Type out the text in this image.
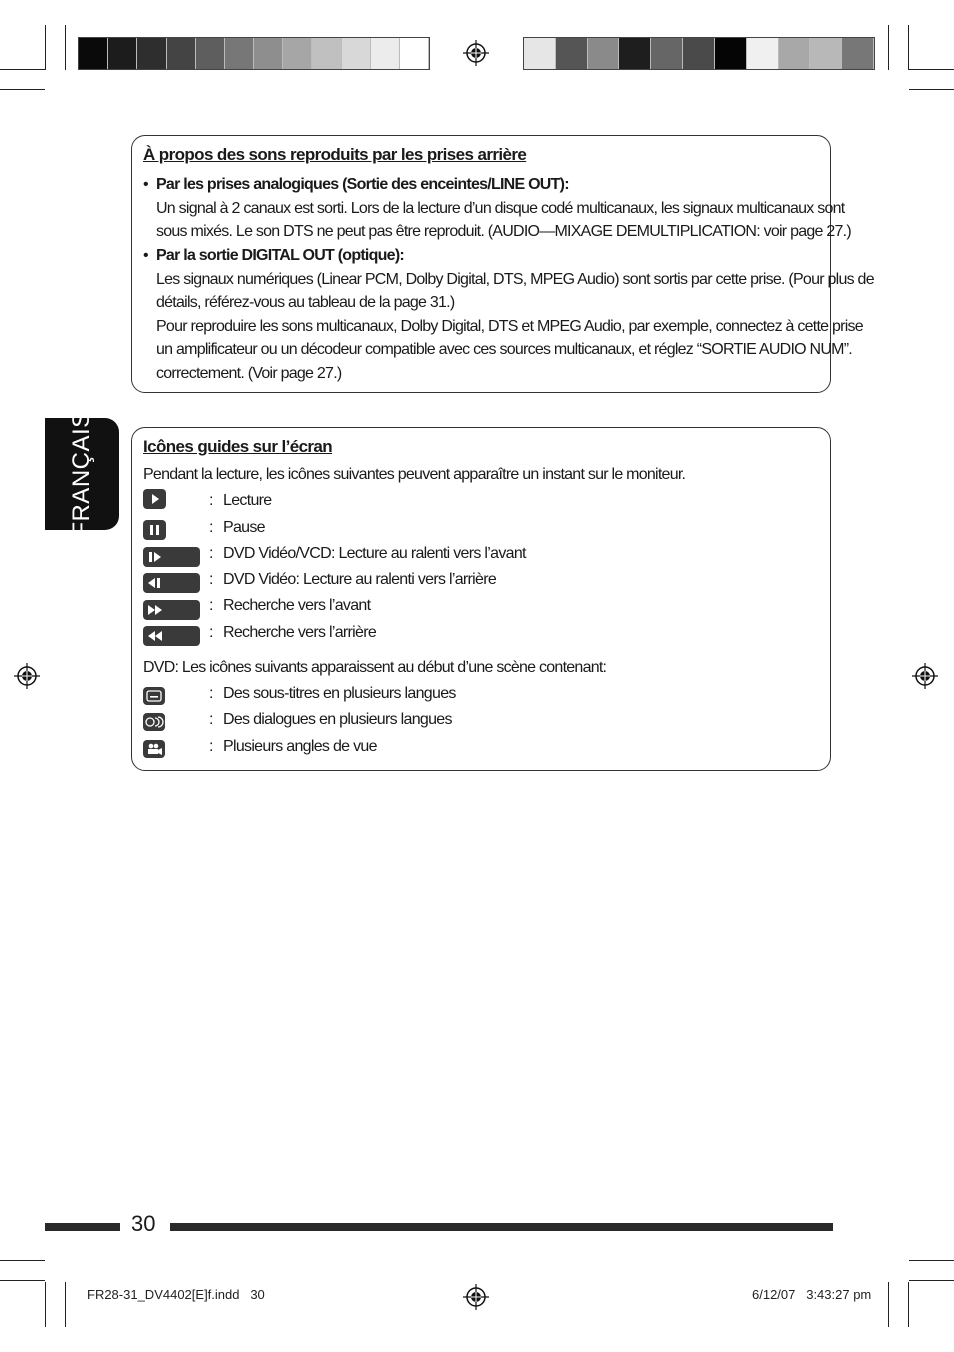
FRANÇAIS
À propos des sons reproduits par les prises arrière
• Par les prises analogiques (Sortie des enceintes/LINE OUT):
Un signal à 2 canaux est sorti. Lors de la lecture d’un disque codé multicanaux, les signaux multicanaux sont
sous mixés. Le son DTS ne peut pas être reproduit. (AUDIO—MIXAGE DEMULTIPLICATION: voir page 27.)
• Par la sortie DIGITAL OUT (optique):
Les signaux numériques (Linear PCM, Dolby Digital, DTS, MPEG Audio) sont sortis par cette prise. (Pour plus de
détails, référez-vous au tableau de la page 31.)
Pour reproduire les sons multicanaux, Dolby Digital, DTS et MPEG Audio, par exemple, connectez à cette prise
un amplificateur ou un décodeur compatible avec ces sources multicanaux, et réglez “SORTIE AUDIO NUM”.
correctement. (Voir page 27.)
Icônes guides sur l’écran
Pendant la lecture, les icônes suivantes peuvent apparaître un instant sur le moniteur.
: Lecture
: Pause
: DVD Vidéo/VCD: Lecture au ralenti vers l’avant
: DVD Vidéo: Lecture au ralenti vers l’arrière
: Recherche vers l’avant
: Recherche vers l’arrière
DVD: Les icônes suivants apparaissent au début d’une scène contenant:
: Des sous-titres en plusieurs langues
: Des dialogues en plusieurs langues
: Plusieurs angles de vue
30
FR28-31_DV4402[E]f.indd   30	6/12/07   3:43:27 pm
